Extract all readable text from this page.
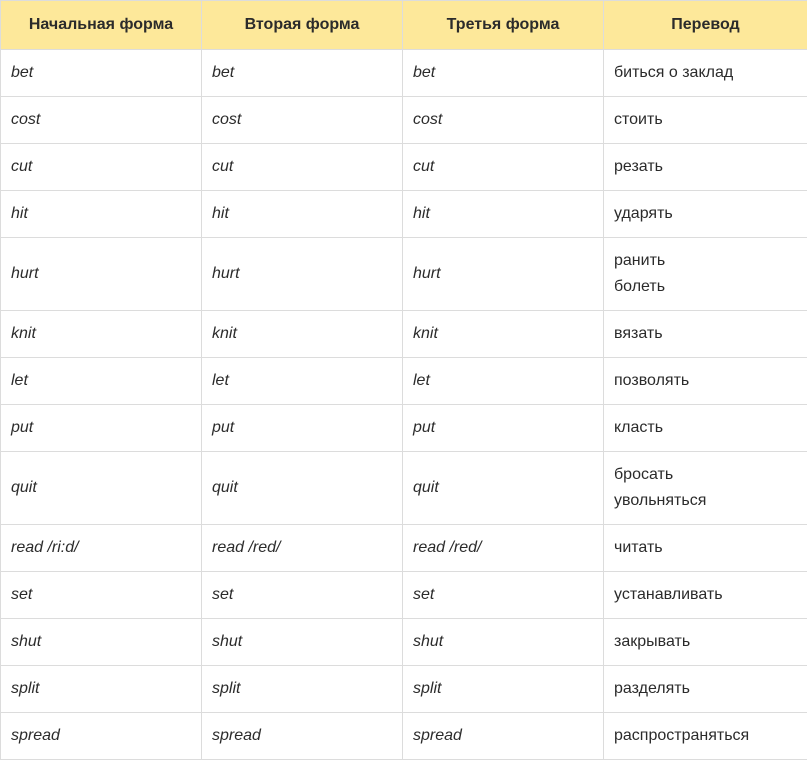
Начальная форма	Вторая форма	Третья форма	Перевод
bet	bet	bet	биться о заклад

cost	cost	cost	стоить

cut	cut	cut	резать

hit	hit	hit	ударять

hurt	hurt	hurt	ранить
болеть

knit	knit	knit	вязать

let	let	let	позволять

put	put	put	класть

quit	quit	quit	бросать
увольняться

read /ri:d/	read /red/	read /red/	читать

set	set	set	устанавливать

shut	shut	shut	закрывать

split	split	split	разделять

spread	spread	spread	распространяться
